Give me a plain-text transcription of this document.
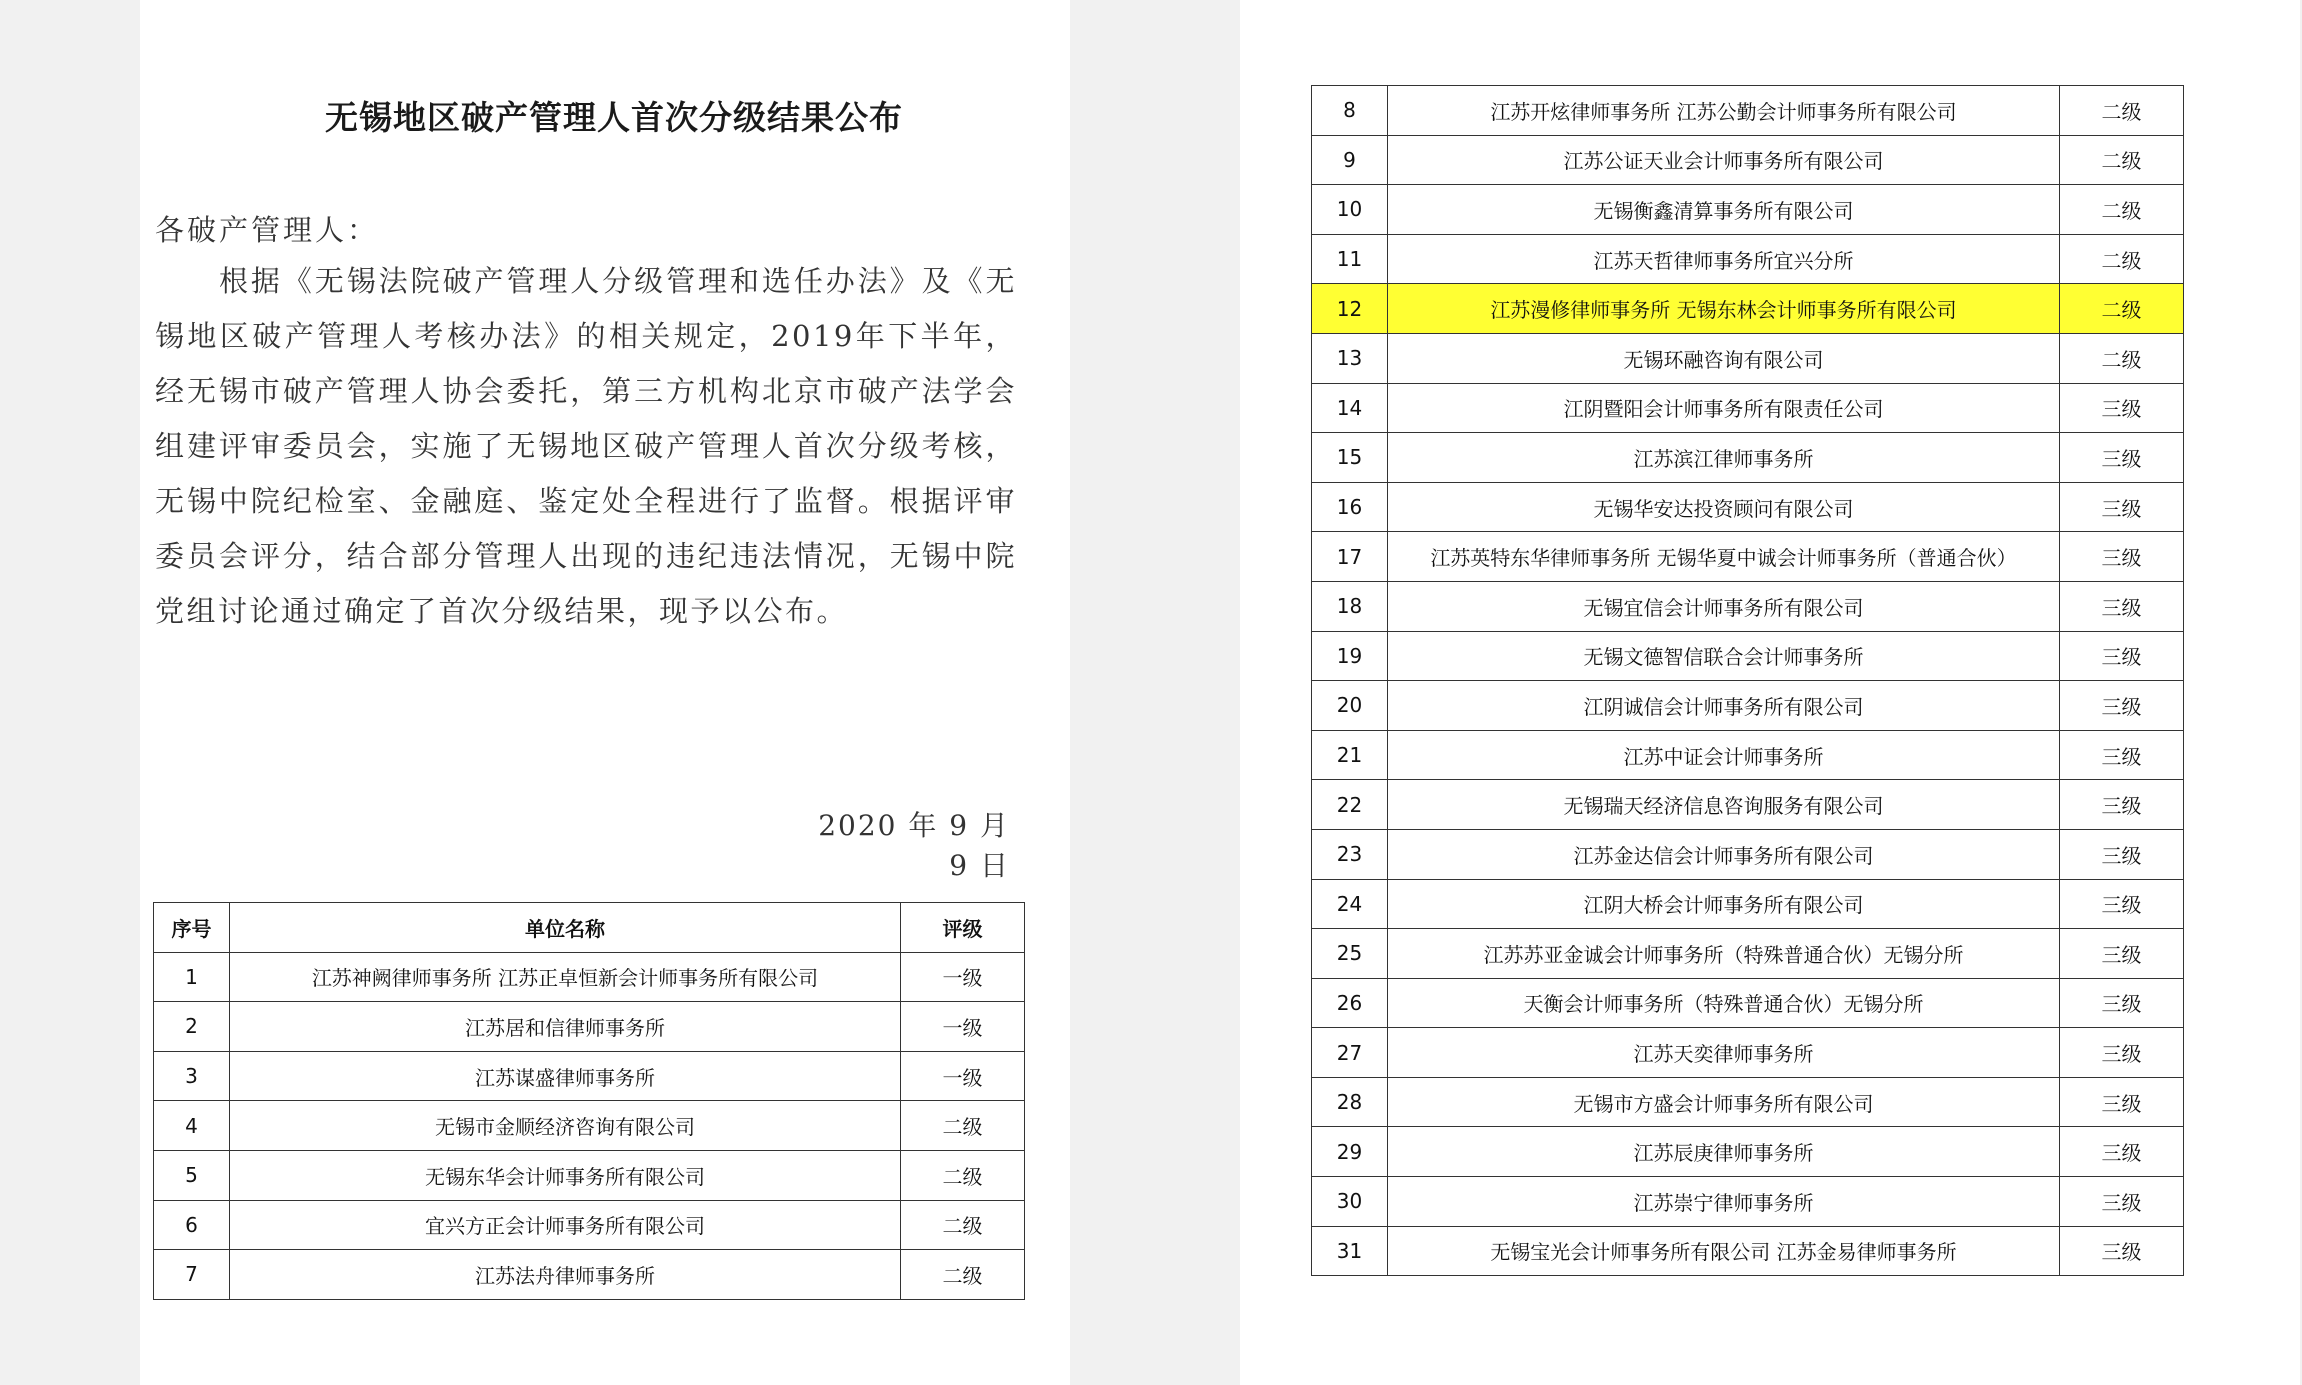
无锡地区破产管理人首次分级结果公布
各破产管理人：

根据《无锡法院破产管理人分级管理和选任办法》及《无锡地区破产管理人考核办法》的相关规定，2019年下半年，经无锡市破产管理人协会委托，第三方机构北京市破产法学会组建评审委员会，实施了无锡地区破产管理人首次分级考核，无锡中院纪检室、金融庭、鉴定处全程进行了监督。根据评审委员会评分，结合部分管理人出现的违纪违法情况，无锡中院党组讨论通过确定了首次分级结果，现予以公布。

2020 年 9 月 9 日
序号	单位名称	评级
1	江苏神阙律师事务所 江苏正卓恒新会计师事务所有限公司	一级
2	江苏居和信律师事务所	一级
3	江苏谋盛律师事务所	一级
4	无锡市金顺经济咨询有限公司	二级
5	无锡东华会计师事务所有限公司	二级
6	宜兴方正会计师事务所有限公司	二级
7	江苏法舟律师事务所	二级
8	江苏开炫律师事务所 江苏公勤会计师事务所有限公司	二级
9	江苏公证天业会计师事务所有限公司	二级
10	无锡衡鑫清算事务所有限公司	二级
11	江苏天哲律师事务所宜兴分所	二级
12	江苏漫修律师事务所 无锡东林会计师事务所有限公司	二级
13	无锡环融咨询有限公司	二级
14	江阴暨阳会计师事务所有限责任公司	三级
15	江苏滨江律师事务所	三级
16	无锡华安达投资顾问有限公司	三级
17	江苏英特东华律师事务所 无锡华夏中诚会计师事务所（普通合伙）	三级
18	无锡宜信会计师事务所有限公司	三级
19	无锡文德智信联合会计师事务所	三级
20	江阴诚信会计师事务所有限公司	三级
21	江苏中证会计师事务所	三级
22	无锡瑞天经济信息咨询服务有限公司	三级
23	江苏金达信会计师事务所有限公司	三级
24	江阴大桥会计师事务所有限公司	三级
25	江苏苏亚金诚会计师事务所（特殊普通合伙）无锡分所	三级
26	天衡会计师事务所（特殊普通合伙）无锡分所	三级
27	江苏天奕律师事务所	三级
28	无锡市方盛会计师事务所有限公司	三级
29	江苏辰庚律师事务所	三级
30	江苏崇宁律师事务所	三级
31	无锡宝光会计师事务所有限公司 江苏金易律师事务所	三级
